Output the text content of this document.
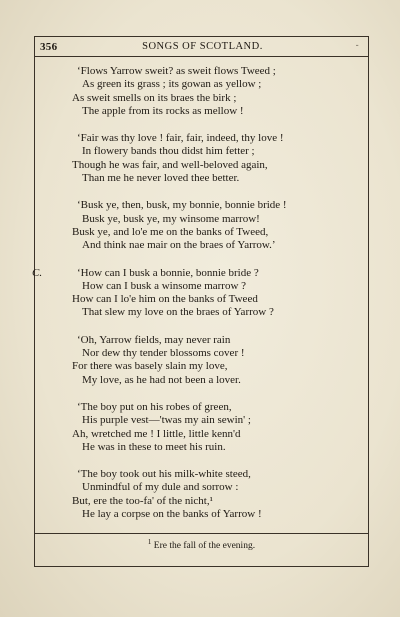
356	SONGS OF SCOTLAND.	-
‘Flows Yarrow sweit? as sweit flows Tweed ;
As green its grass ; its gowan as yellow ;
As sweit smells on its braes the birk ;
The apple from its rocks as mellow !
‘Fair was thy love ! fair, fair, indeed, thy love !
In flowery bands thou didst him fetter ;
Though he was fair, and well-beloved again,
Than me he never loved thee better.
‘Busk ye, then, busk, my bonnie, bonnie bride !
Busk ye, busk ye, my winsome marrow!
Busk ye, and lo'e me on the banks of Tweed,
And think nae mair on the braes of Yarrow.’
C.	‘How can I busk a bonnie, bonnie bride ?
How can I busk a winsome marrow ?
How can I lo'e him on the banks of Tweed
That slew my love on the braes of Yarrow ?
‘Oh, Yarrow fields, may never rain
Nor dew thy tender blossoms cover !
For there was basely slain my love,
My love, as he had not been a lover.
‘The boy put on his robes of green,
His purple vest—'twas my ain sewin' ;
Ah, wretched me ! I little, little kenn'd
He was in these to meet his ruin.
‘The boy took out his milk-white steed,
Unmindful of my dule and sorrow :
But, ere the too-fa' of the nicht,¹
He lay a corpse on the banks of Yarrow !
$^1$ Ere the fall of the evening.
